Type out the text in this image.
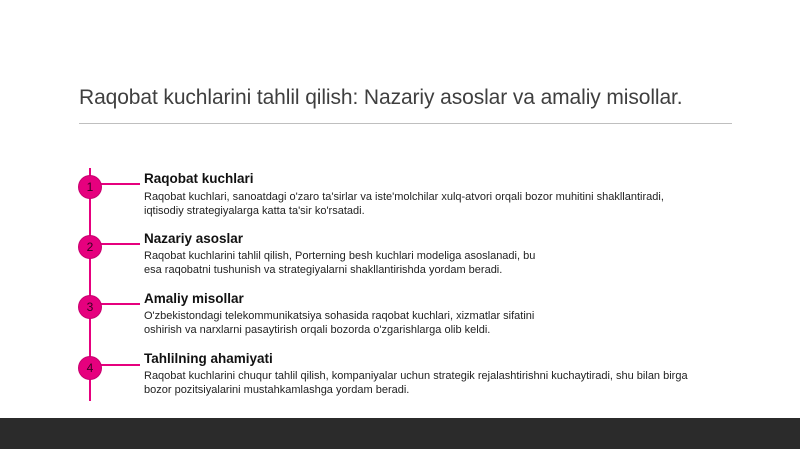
Raqobat kuchlarini tahlil qilish: Nazariy asoslar va amaliy misollar.
1
Raqobat kuchlari
Raqobat kuchlari, sanoatdagi o'zaro ta'sirlar va iste'molchilar xulq-atvori orqali bozor muhitini shakllantiradi, iqtisodiy strategiyalarga katta ta'sir ko'rsatadi.
2
Nazariy asoslar
Raqobat kuchlarini tahlil qilish, Porterning besh kuchlari modeliga asoslanadi, bu esa raqobatni tushunish va strategiyalarni shakllantirishda yordam beradi.
3
Amaliy misollar
O'zbekistondagi telekommunikatsiya sohasida raqobat kuchlari, xizmatlar sifatini oshirish va narxlarni pasaytirish orqali bozorda o'zgarishlarga olib keldi.
4
Tahlilning ahamiyati
Raqobat kuchlarini chuqur tahlil qilish, kompaniyalar uchun strategik rejalashtirishni kuchaytiradi, shu bilan birga bozor pozitsiyalarini mustahkamlashga yordam beradi.
